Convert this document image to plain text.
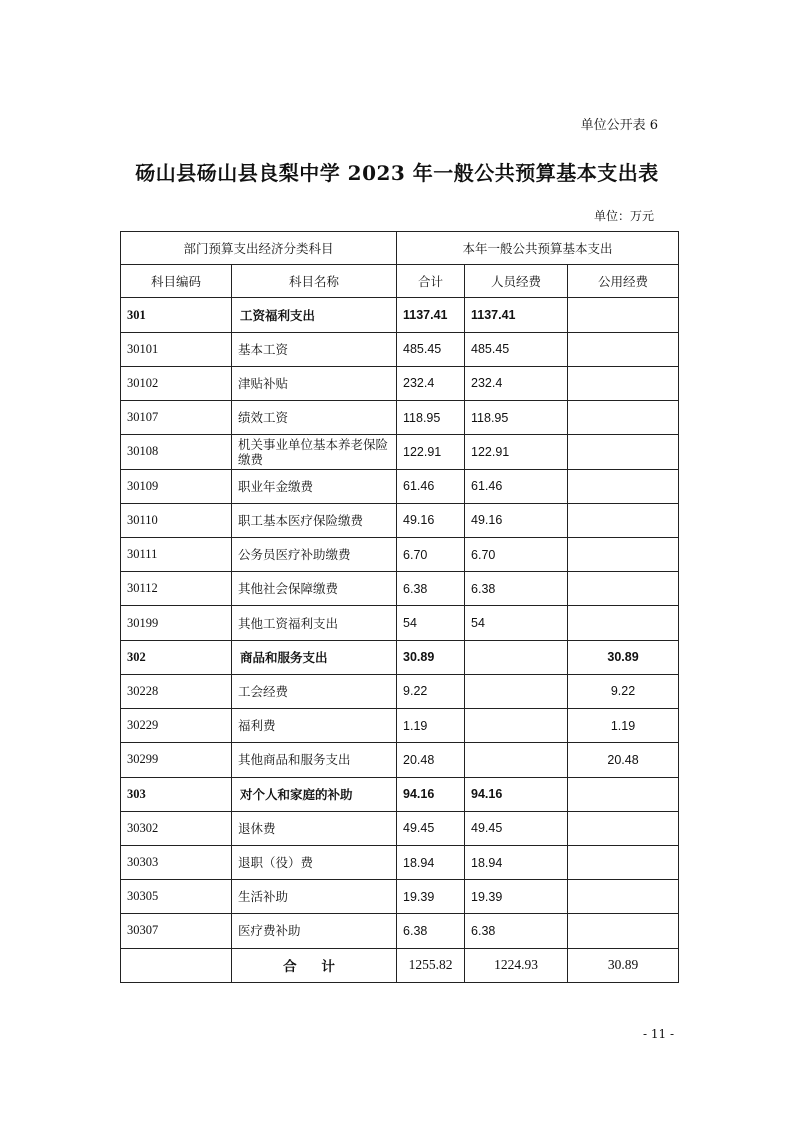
单位公开表 6
砀山县砀山县良梨中学 2023 年一般公共预算基本支出表
单位：万元
部门预算支出经济分类科目		本年一般公共预算基本支出		
科目编码	科目名称	合计	人员经费	公用经费
301	工资福利支出	1137.41	1137.41	
30101	基本工资	485.45	485.45	
30102	津贴补贴	232.4	232.4	
30107	绩效工资	118.95	118.95	
30108	机关事业单位基本养老保险缴费	122.91	122.91	
30109	职业年金缴费	61.46	61.46	
30110	职工基本医疗保险缴费	49.16	49.16	
30111	公务员医疗补助缴费	6.70	6.70	
30112	其他社会保障缴费	6.38	6.38	
30199	其他工资福利支出	54	54	
302	商品和服务支出	30.89		30.89
30228	工会经费	9.22		9.22
30229	福利费	1.19		1.19
30299	其他商品和服务支出	20.48		20.48
303	对个人和家庭的补助	94.16	94.16	
30302	退休费	49.45	49.45	
30303	退职（役）费	18.94	18.94	
30305	生活补助	19.39	19.39	
30307	医疗费补助	6.38	6.38	
	合 计	1255.82	1224.93	30.89
- 11 -
